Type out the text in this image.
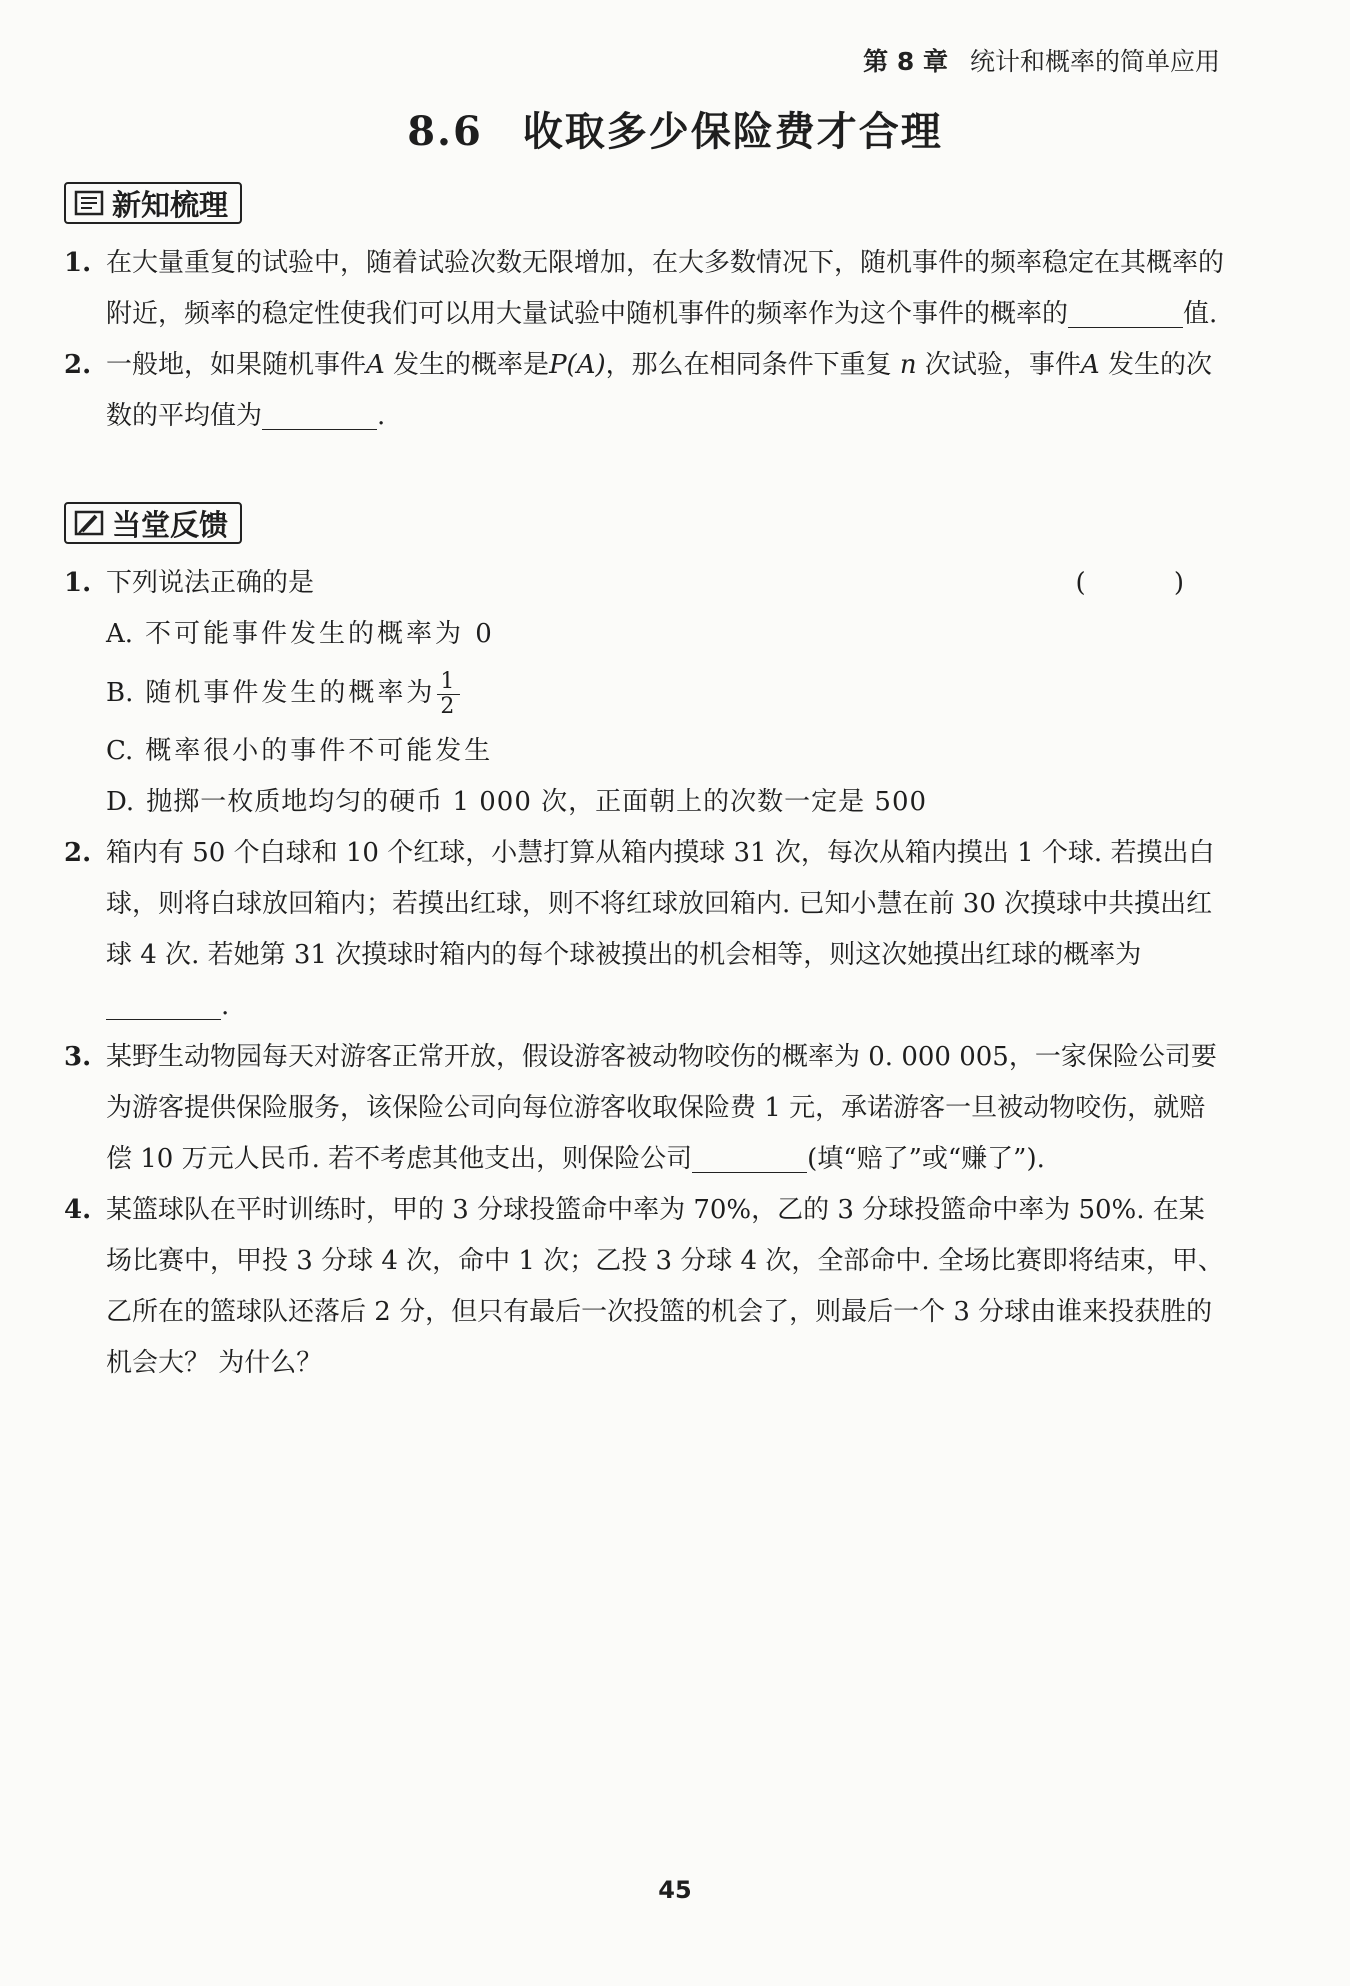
第 8 章 统计和概率的简单应用
8.6 收取多少保险费才合理
新知梳理
1. 在大量重复的试验中，随着试验次数无限增加，在大多数情况下，随机事件的频率稳定在其概率的附近，频率的稳定性使我们可以用大量试验中随机事件的频率作为这个事件的概率的	值.
2. 一般地，如果随机事件A 发生的概率是P(A)，那么在相同条件下重复 n 次试验，事件A 发生的次数的平均值为	.
当堂反馈
1. 下列说法正确的是	( )
A. 不可能事件发生的概率为 0
B. 随机事件发生的概率为 $\frac{1}{2}$
C. 概率很小的事件不可能发生
D. 抛掷一枚质地均匀的硬币 1 000 次，正面朝上的次数一定是 500
2. 箱内有 50 个白球和 10 个红球，小慧打算从箱内摸球 31 次，每次从箱内摸出 1 个球. 若摸出白球，则将白球放回箱内；若摸出红球，则不将红球放回箱内. 已知小慧在前 30 次摸球中共摸出红球 4 次. 若她第 31 次摸球时箱内的每个球被摸出的机会相等，则这次她摸出红球的概率为.
3. 某野生动物园每天对游客正常开放，假设游客被动物咬伤的概率为 0. 000 005，一家保险公司要为游客提供保险服务，该保险公司向每位游客收取保险费 1 元，承诺游客一旦被动物咬伤，就赔偿 10 万元人民币. 若不考虑其他支出，则保险公司	(填“赔了”或“赚了”).
4. 某篮球队在平时训练时，甲的 3 分球投篮命中率为 70%，乙的 3 分球投篮命中率为 50%. 在某场比赛中，甲投 3 分球 4 次，命中 1 次；乙投 3 分球 4 次，全部命中. 全场比赛即将结束，甲、乙所在的篮球队还落后 2 分，但只有最后一次投篮的机会了，则最后一个 3 分球由谁来投获胜的机会大？ 为什么？
45
